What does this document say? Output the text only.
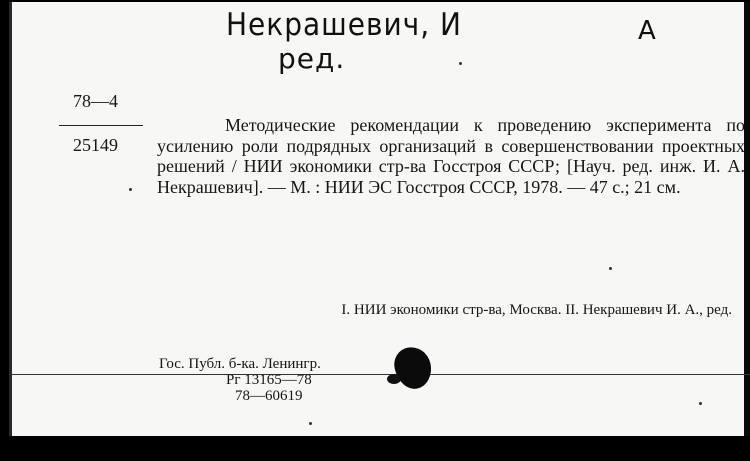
Некрашевич, И
ред.
А
78—4
25149
Методические рекомендации к проведению эксперимента по усилению роли подрядных организаций в совершенствовании проектных решений / НИИ экономики стр-ва Госстроя СССР; [Науч. ред. инж. И. А. Некрашевич]. — М. : НИИ ЭС Госстроя СССР, 1978. — 47 с.; 21 см.
I. НИИ экономики стр-ва, Москва. II. Некрашевич И. А., ред.
Гос. Публ. б-ка. Ленингр.
Рг 13165—78
78—60619
